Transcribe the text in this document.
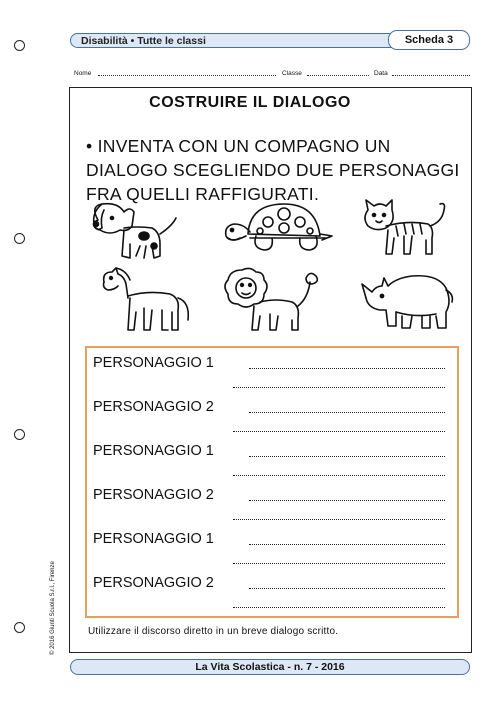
Disabilità • Tutte le classi	Scheda 3
Nome	Classe	Data
COSTRUIRE IL DIALOGO
• INVENTA CON UN COMPAGNO UN
DIALOGO SCEGLIENDO DUE PERSONAGGI
FRA QUELLI RAFFIGURATI.
PERSONAGGIO 1
PERSONAGGIO 2
PERSONAGGIO 1
PERSONAGGIO 2
PERSONAGGIO 1
PERSONAGGIO 2
Utilizzare il discorso diretto in un breve dialogo scritto.
La Vita Scolastica - n. 7 - 2016
© 2016 Giunti Scuola S.r.l., Firenze
